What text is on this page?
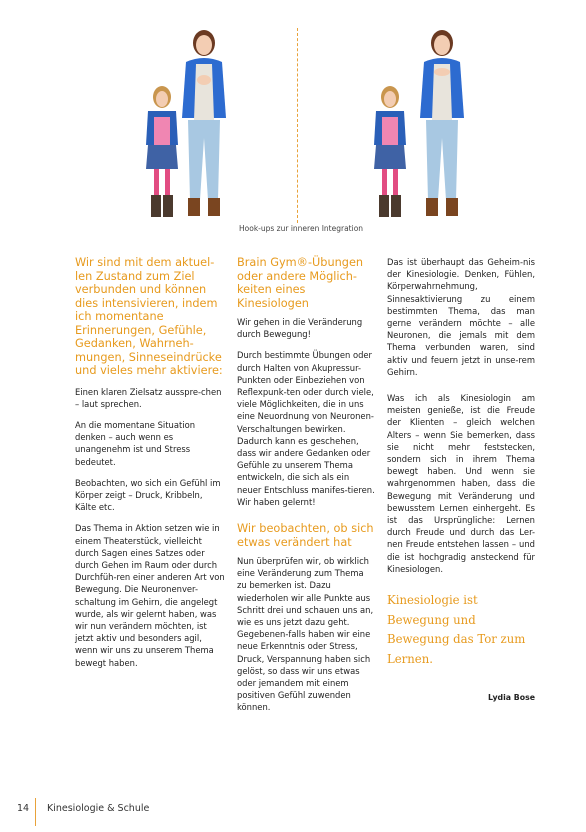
Hook-ups zur inneren Integration
Wir sind mit dem aktuel-len Zustand zum Ziel verbunden und können dies intensivieren, indem ich momentane Erinnerungen, Gefühle, Gedanken, Wahrneh-mungen, Sinneseindrücke und vieles mehr aktiviere:

Einen klaren Zielsatz ausspre-chen – laut sprechen.

An die momentane Situation denken – auch wenn es unangenehm ist und Stress bedeutet.

Beobachten, wo sich ein Gefühl im Körper zeigt – Druck, Kribbeln, Kälte etc.

Das Thema in Aktion setzen wie in einem Theaterstück, vielleicht durch Sagen eines Satzes oder durch Gehen im Raum oder durch Durchfüh-ren einer anderen Art von Bewegung. Die Neuronenver-schaltung im Gehirn, die angelegt wurde, als wir gelernt haben, was wir nun verändern möchten, ist jetzt aktiv und besonders agil, wenn wir uns zu unserem Thema bewegt haben.

Brain Gym®-Übungen oder andere Möglich-keiten eines Kinesiologen

Wir gehen in die Veränderung durch Bewegung!

Durch bestimmte Übungen oder durch Halten von Akupressur-Punkten oder Einbeziehen von Reflexpunk-ten oder durch viele, viele Möglichkeiten, die in uns eine Neuordnung von Neuronen-Verschaltungen bewirken. Dadurch kann es geschehen, dass wir andere Gedanken oder Gefühle zu unserem Thema entwickeln, die sich als ein neuer Entschluss manifes-tieren. Wir haben gelernt!

Wir beobachten, ob sich etwas verändert hat

Nun überprüfen wir, ob wirklich eine Veränderung zum Thema zu bemerken ist. Dazu wiederholen wir alle Punkte aus Schritt drei und schauen uns an, wie es uns jetzt dazu geht. Gegebenen-falls haben wir eine neue Erkenntnis oder Stress, Druck, Verspannung haben sich gelöst, so dass wir uns etwas oder jemandem mit einem positiven Gefühl zuwenden können.

Das ist überhaupt das Geheim-nis der Kinesiologie. Denken, Fühlen, Körperwahrnehmung, Sinnesaktivierung zu einem bestimmten Thema, das man gerne verändern möchte – alle Neuronen, die jemals mit dem Thema verbunden waren, sind aktiv und feuern jetzt in unse-rem Gehirn.

Was ich als Kinesiologin am meisten genieße, ist die Freude der Klienten – gleich welchen Alters – wenn Sie bemerken, dass sie nicht mehr feststecken, sondern sich in ihrem Thema bewegt haben. Und wenn sie wahrgenommen haben, dass die Bewegung mit Veränderung und bewusstem Lernen einhergeht. Es ist das Ursprüngliche: Lernen durch Freude und durch das Ler-nen Freude entstehen lassen – und die ist hochgradig ansteckend für Kinesiologen.

Kinesiologie ist Bewegung und Bewegung das Tor zum Lernen.
Lydia Bose
14 Kinesiologie & Schule
